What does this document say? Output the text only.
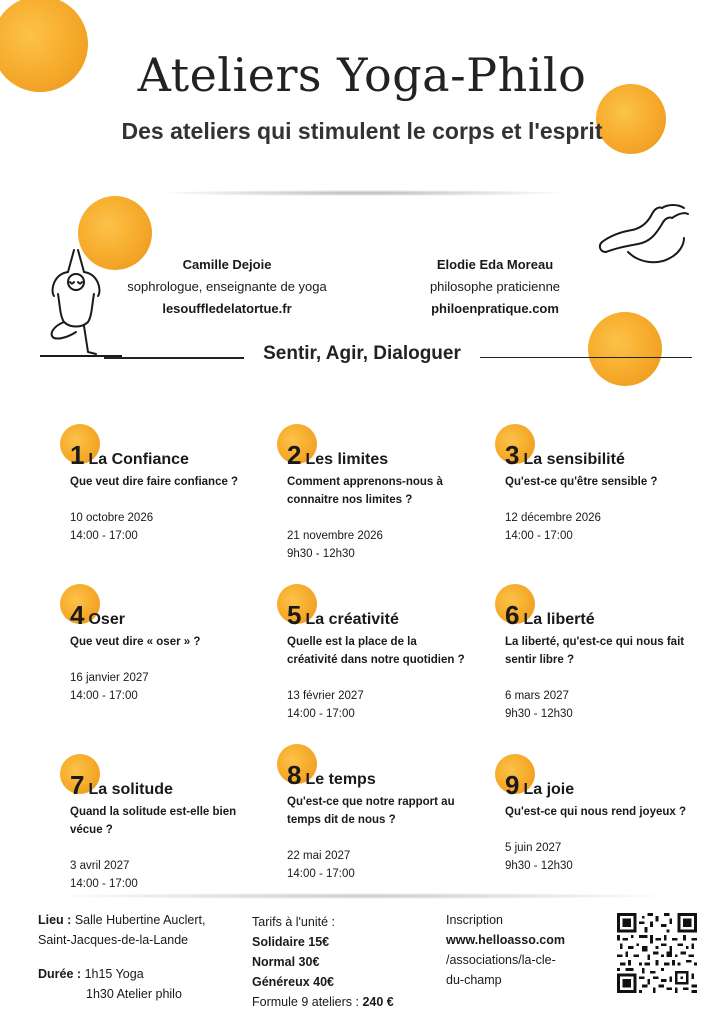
Ateliers Yoga-Philo
Des ateliers qui stimulent le corps et l'esprit
Camille Dejoie
sophrologue, enseignante de yoga
lesouffledelatortue.fr
Elodie Eda Moreau
philosophe praticienne
philoenpratique.com
Sentir, Agir, Dialoguer
1 La Confiance
Que veut dire faire confiance ?
10 octobre 2026
14:00 - 17:00
2 Les limites
Comment apprenons-nous à
connaitre nos limites ?
21 novembre 2026
9h30 - 12h30
3 La sensibilité
Qu'est-ce qu'être sensible ?
12 décembre 2026
14:00 - 17:00
4 Oser
Que veut dire « oser » ?
16 janvier 2027
14:00 - 17:00
5 La créativité
Quelle est la place de la
créativité dans notre quotidien ?
13 février 2027
14:00 - 17:00
6 La liberté
La liberté, qu'est-ce qui nous fait
sentir libre ?
6 mars 2027
9h30 - 12h30
7 La solitude
Quand la solitude est-elle bien
vécue ?
3 avril 2027
14:00 - 17:00
8 Le temps
Qu'est-ce que notre rapport au
temps dit de nous ?
22 mai 2027
14:00 - 17:00
9 La joie
Qu'est-ce qui nous rend joyeux ?
5 juin 2027
9h30 - 12h30
Lieu : Salle Hubertine Auclert,
Saint-Jacques-de-la-Lande
Durée : 1h15 Yoga
1h30 Atelier philo
Tarifs à l'unité :
Solidaire 15€
Normal 30€
Généreux 40€
Formule 9 ateliers : 240 €
Inscription
www.helloasso.com
/associations/la-cle-
du-champ
